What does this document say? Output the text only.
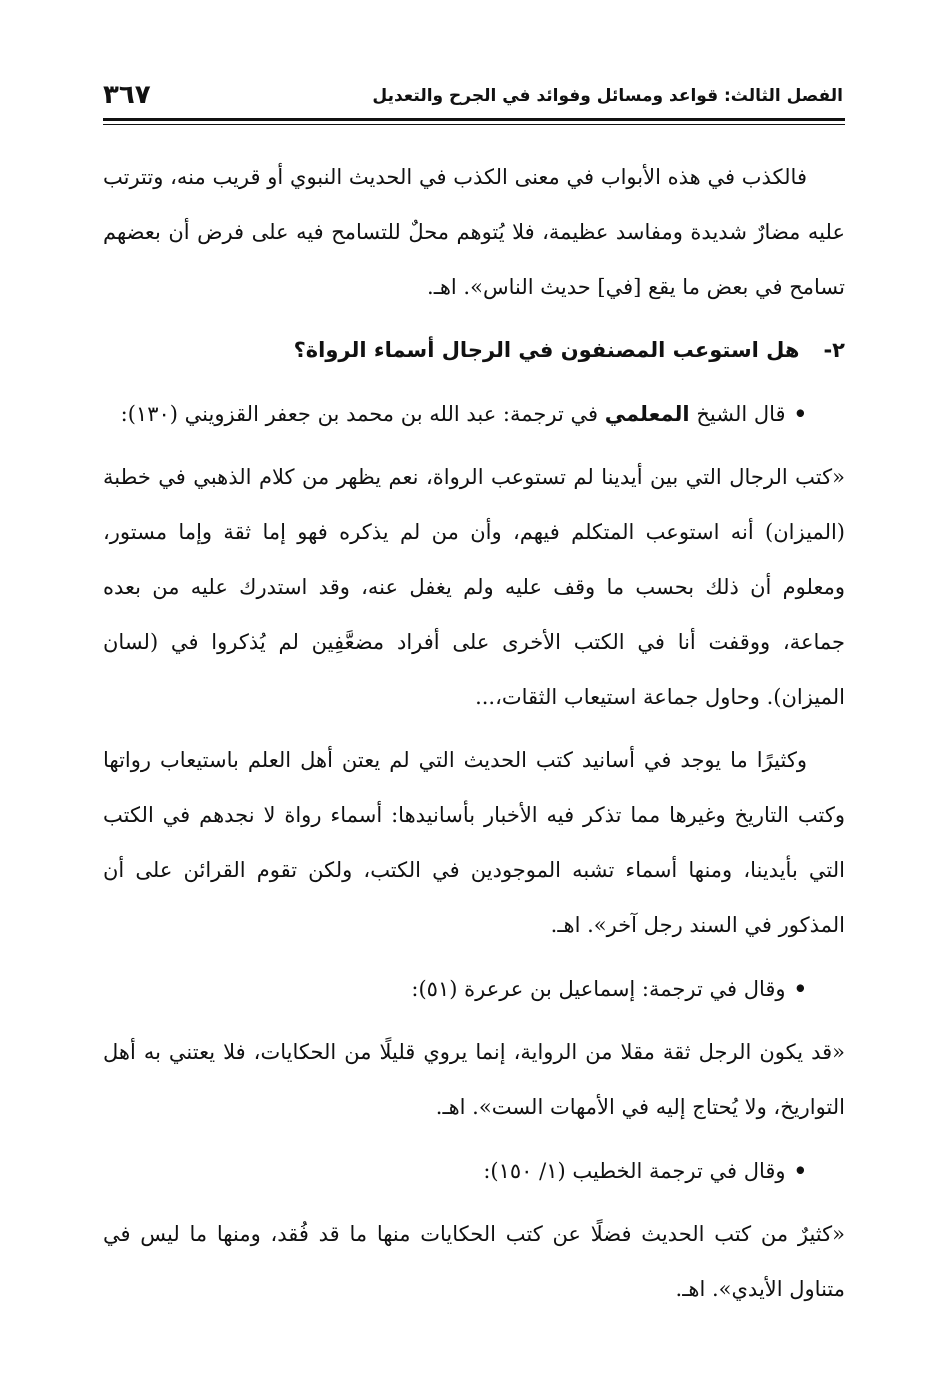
الفصل الثالث: قواعد ومسائل وفوائد في الجرح والتعديل
٣٦٧

فالكذب في هذه الأبواب في معنى الكذب في الحديث النبوي أو قريب منه، وتترتب عليه مضارٌ شديدة ومفاسد عظيمة، فلا يُتوهم محلٌ للتسامح فيه على فرض أن بعضهم تسامح في بعض ما يقع [في] حديث الناس». اهـ.

٢-هل استوعب المصنفون في الرجال أسماء الرواة؟

•قال الشيخ المعلمي في ترجمة: عبد الله بن محمد بن جعفر القزويني (١٣٠):

«كتب الرجال التي بين أيدينا لم تستوعب الرواة، نعم يظهر من كلام الذهبي في خطبة (الميزان) أنه استوعب المتكلم فيهم، وأن من لم يذكره فهو إما ثقة وإما مستور، ومعلوم أن ذلك بحسب ما وقف عليه ولم يغفل عنه، وقد استدرك عليه من بعده جماعة، ووقفت أنا في الكتب الأخرى على أفراد مضعَّفِين لم يُذكروا في (لسان الميزان). وحاول جماعة استيعاب الثقات،...

وكثيرًا ما يوجد في أسانيد كتب الحديث التي لم يعتن أهل العلم باستيعاب رواتها وكتب التاريخ وغيرها مما تذكر فيه الأخبار بأسانيدها: أسماء رواة لا نجدهم في الكتب التي بأيدينا، ومنها أسماء تشبه الموجودين في الكتب، ولكن تقوم القرائن على أن المذكور في السند رجل آخر». اهـ.

•وقال في ترجمة: إسماعيل بن عرعرة (٥١):

«قد يكون الرجل ثقة مقلا من الرواية، إنما يروي قليلًا من الحكايات، فلا يعتني به أهل التواريخ، ولا يُحتاج إليه في الأمهات الست». اهـ.

•وقال في ترجمة الخطيب (١/ ١٥٠):

«كثيرٌ من كتب الحديث فضلًا عن كتب الحكايات منها ما قد فُقد، ومنها ما ليس في متناول الأيدي». اهـ.
